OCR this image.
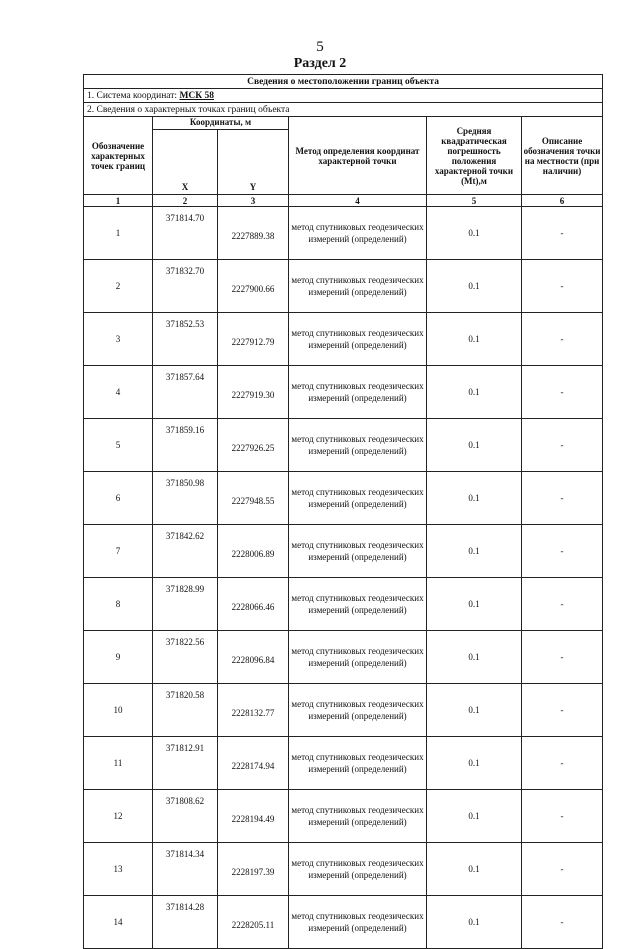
5
Раздел 2
Сведения о местоположении границ объекта					
1. Система координат: МСК 58					
2. Сведения о характерных точках границ объекта					
Обозначение характерных точек границ	Координаты, м		Метод определения координат характерной точки	Средняя квадратическая погрешность положения характерной точки (Mt),м	Описание обозначения точки на местности (при наличии)
	X	Y			
1	2	3	4	5	6
1	371814.70	2227889.38	метод спутниковых геодезических измерений (определений)	0.1	-
2	371832.70	2227900.66	метод спутниковых геодезических измерений (определений)	0.1	-
3	371852.53	2227912.79	метод спутниковых геодезических измерений (определений)	0.1	-
4	371857.64	2227919.30	метод спутниковых геодезических измерений (определений)	0.1	-
5	371859.16	2227926.25	метод спутниковых геодезических измерений (определений)	0.1	-
6	371850.98	2227948.55	метод спутниковых геодезических измерений (определений)	0.1	-
7	371842.62	2228006.89	метод спутниковых геодезических измерений (определений)	0.1	-
8	371828.99	2228066.46	метод спутниковых геодезических измерений (определений)	0.1	-
9	371822.56	2228096.84	метод спутниковых геодезических измерений (определений)	0.1	-
10	371820.58	2228132.77	метод спутниковых геодезических измерений (определений)	0.1	-
11	371812.91	2228174.94	метод спутниковых геодезических измерений (определений)	0.1	-
12	371808.62	2228194.49	метод спутниковых геодезических измерений (определений)	0.1	-
13	371814.34	2228197.39	метод спутниковых геодезических измерений (определений)	0.1	-
14	371814.28	2228205.11	метод спутниковых геодезических измерений (определений)	0.1	-
